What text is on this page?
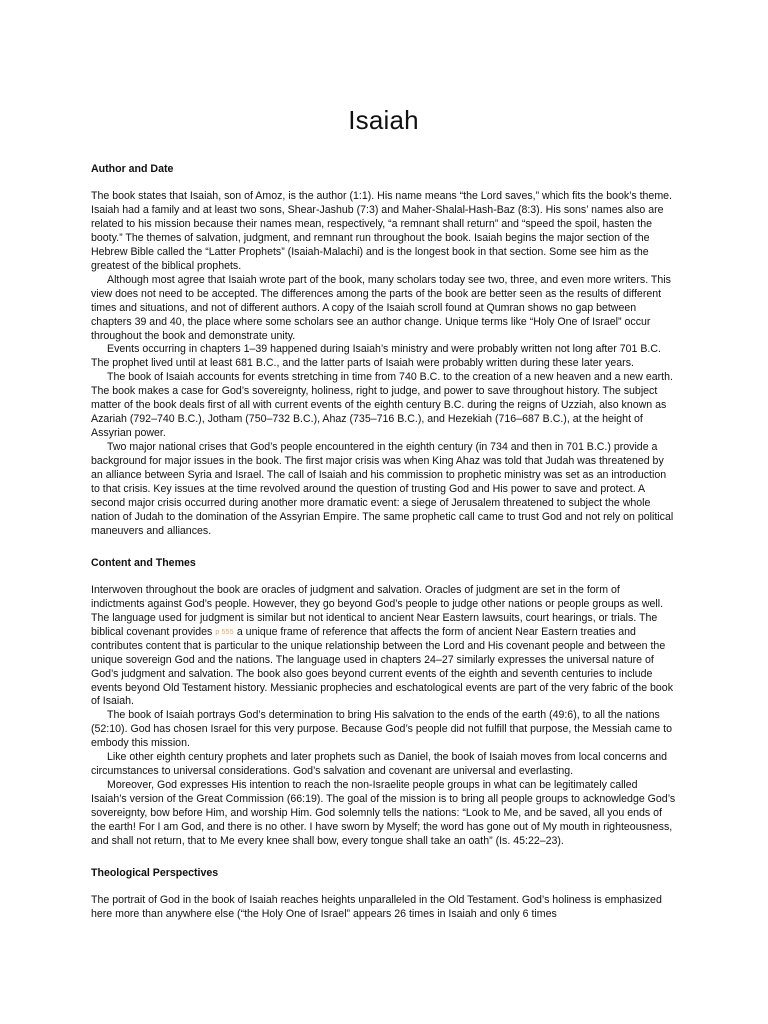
Isaiah
Author and Date

The book states that Isaiah, son of Amoz, is the author (1:1). His name means “the Lord saves,” which fits the book’s theme. Isaiah had a family and at least two sons, Shear-Jashub (7:3) and Maher-Shalal-Hash-Baz (8:3). His sons’ names also are related to his mission because their names mean, respectively, “a remnant shall return” and “speed the spoil, hasten the booty.” The themes of salvation, judgment, and remnant run throughout the book. Isaiah begins the major section of the Hebrew Bible called the “Latter Prophets” (Isaiah-Malachi) and is the longest book in that section. Some see him as the greatest of the biblical prophets.

Although most agree that Isaiah wrote part of the book, many scholars today see two, three, and even more writers. This view does not need to be accepted. The differences among the parts of the book are better seen as the results of different times and situations, and not of different authors. A copy of the Isaiah scroll found at Qumran shows no gap between chapters 39 and 40, the place where some scholars see an author change. Unique terms like “Holy One of Israel” occur throughout the book and demonstrate unity.

Events occurring in chapters 1–39 happened during Isaiah’s ministry and were probably written not long after 701 B.C. The prophet lived until at least 681 B.C., and the latter parts of Isaiah were probably written during these later years.

The book of Isaiah accounts for events stretching in time from 740 B.C. to the creation of a new heaven and a new earth. The book makes a case for God’s sovereignty, holiness, right to judge, and power to save throughout history. The subject matter of the book deals first of all with current events of the eighth century B.C. during the reigns of Uzziah, also known as Azariah (792–740 B.C.), Jotham (750–732 B.C.), Ahaz (735–716 B.C.), and Hezekiah (716–687 B.C.), at the height of Assyrian power.

Two major national crises that God’s people encountered in the eighth century (in 734 and then in 701 B.C.) provide a background for major issues in the book. The first major crisis was when King Ahaz was told that Judah was threatened by an alliance between Syria and Israel. The call of Isaiah and his commission to prophetic ministry was set as an introduction to that crisis. Key issues at the time revolved around the question of trusting God and His power to save and protect. A second major crisis occurred during another more dramatic event: a siege of Jerusalem threatened to subject the whole nation of Judah to the domination of the Assyrian Empire. The same prophetic call came to trust God and not rely on political maneuvers and alliances.

Content and Themes

Interwoven throughout the book are oracles of judgment and salvation. Oracles of judgment are set in the form of indictments against God’s people. However, they go beyond God’s people to judge other nations or people groups as well. The language used for judgment is similar but not identical to ancient Near Eastern lawsuits, court hearings, or trials. The biblical covenant provides p 555 a unique frame of reference that affects the form of ancient Near Eastern treaties and contributes content that is particular to the unique relationship between the Lord and His covenant people and between the unique sovereign God and the nations. The language used in chapters 24–27 similarly expresses the universal nature of God’s judgment and salvation. The book also goes beyond current events of the eighth and seventh centuries to include events beyond Old Testament history. Messianic prophecies and eschatological events are part of the very fabric of the book of Isaiah.

The book of Isaiah portrays God’s determination to bring His salvation to the ends of the earth (49:6), to all the nations (52:10). God has chosen Israel for this very purpose. Because God’s people did not fulfill that purpose, the Messiah came to embody this mission.

Like other eighth century prophets and later prophets such as Daniel, the book of Isaiah moves from local concerns and circumstances to universal considerations. God’s salvation and covenant are universal and everlasting.

Moreover, God expresses His intention to reach the non-Israelite people groups in what can be legitimately called Isaiah’s version of the Great Commission (66:19). The goal of the mission is to bring all people groups to acknowledge God’s sovereignty, bow before Him, and worship Him. God solemnly tells the nations: “Look to Me, and be saved, all you ends of the earth! For I am God, and there is no other. I have sworn by Myself; the word has gone out of My mouth in righteousness, and shall not return, that to Me every knee shall bow, every tongue shall take an oath” (Is. 45:22–23).

Theological Perspectives

The portrait of God in the book of Isaiah reaches heights unparalleled in the Old Testament. God’s holiness is emphasized here more than anywhere else (“the Holy One of Israel” appears 26 times in Isaiah and only 6 times
